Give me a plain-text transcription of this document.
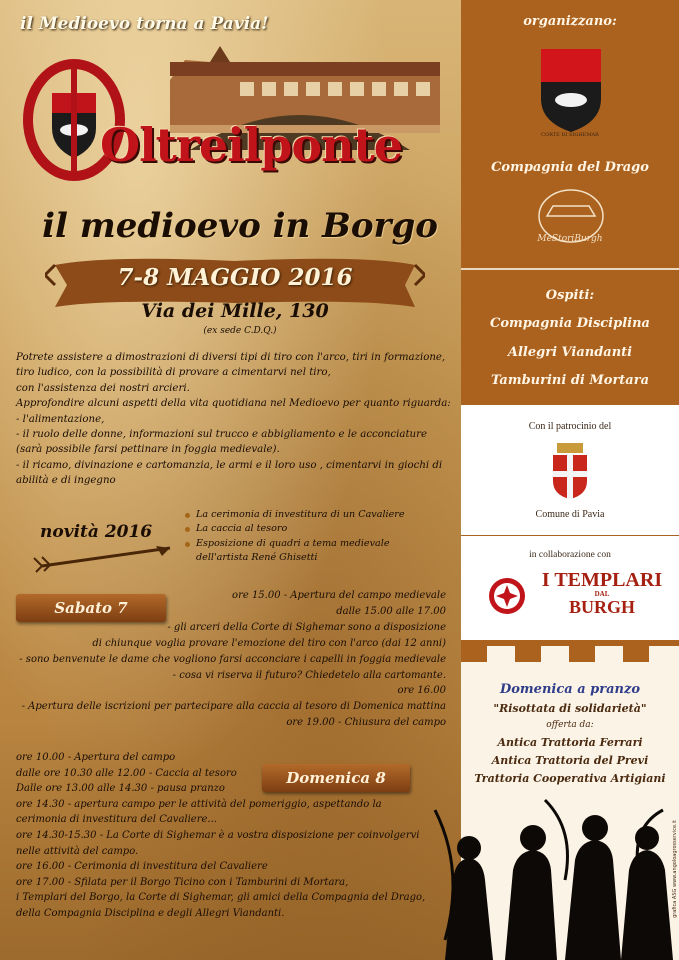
il Medioevo torna a Pavia!
Oltreilponte
il medioevo in Borgo
7-8 MAGGIO 2016
Via dei Mille, 130
(ex sede C.D.Q.)
Potrete assistere a dimostrazioni di diversi tipi di tiro con l'arco, tiri in formazione,
tiro ludico, con la possibilità di provare a cimentarvi nel tiro,
con l'assistenza dei nostri arcieri.
Approfondire alcuni aspetti della vita quotidiana nel Medioevo per quanto riguarda:
- l'alimentazione,
- il ruolo delle donne, informazioni sul trucco e abbigliamento e le acconciature
(sarà possibile farsi pettinare in foggia medievale).
- il ricamo, divinazione e cartomanzia, le armi e il loro uso , cimentarvi in giochi di
abilità e di ingegno
novità 2016
La cerimonia di investitura di un Cavaliere
La caccia al tesoro
Esposizione di quadri a tema medievale
dell'artista René Ghisetti
ore 15.00 - Apertura del campo medievale
dalle 15.00 alle 17.00
- gli arceri della Corte di Sighemar sono a disposizione
di chiunque voglia provare l'emozione del tiro con l'arco (dai 12 anni)
- sono benvenute le dame che vogliono farsi acconciare i capelli in foggia medievale
- cosa vi riserva il futuro? Chiedetelo alla cartomante.
ore 16.00
- Apertura delle iscrizioni per partecipare alla caccia al tesoro di Domenica mattina
ore 19.00 - Chiusura del campo
Sabato 7
ore 10.00 - Apertura del campo
dalle ore 10.30 alle 12.00 - Caccia al tesoro
Dalle ore 13.00 alle 14.30 - pausa pranzo
ore 14.30 - apertura campo per le attività del pomeriggio, aspettando la
cerimonia di investitura del Cavaliere...
ore 14.30-15.30 - La Corte di Sighemar è a vostra disposizione per coinvolgervi
nelle attività del campo.
ore 16.00 - Cerimonia di investitura del Cavaliere
ore 17.00 - Sfilata per il Borgo Ticino con i Tamburini di Mortara,
i Templari del Borgo, la Corte di Sighemar, gli amici della Compagnia del Drago,
della Compagnia Disciplina e degli Allegri Viandanti.
Domenica 8
organizzano:
CORTE DI SIGHEMAR
Compagnia del Drago
MeStoriBurgh
Ospiti:
Compagnia Disciplina
Allegri Viandanti
Tamburini di Mortara
Con il patrocinio del
Comune di Pavia
in collaborazione con
I TEMPLARI
DAL
BURGH
Domenica a pranzo
"Risottata di solidarietà"
offerta da:
Antica Trattoria Ferrari
Antica Trattoria del Previ
Trattoria Cooperativa Artigiani
grafica ASG www.angoloagrosservice.it
